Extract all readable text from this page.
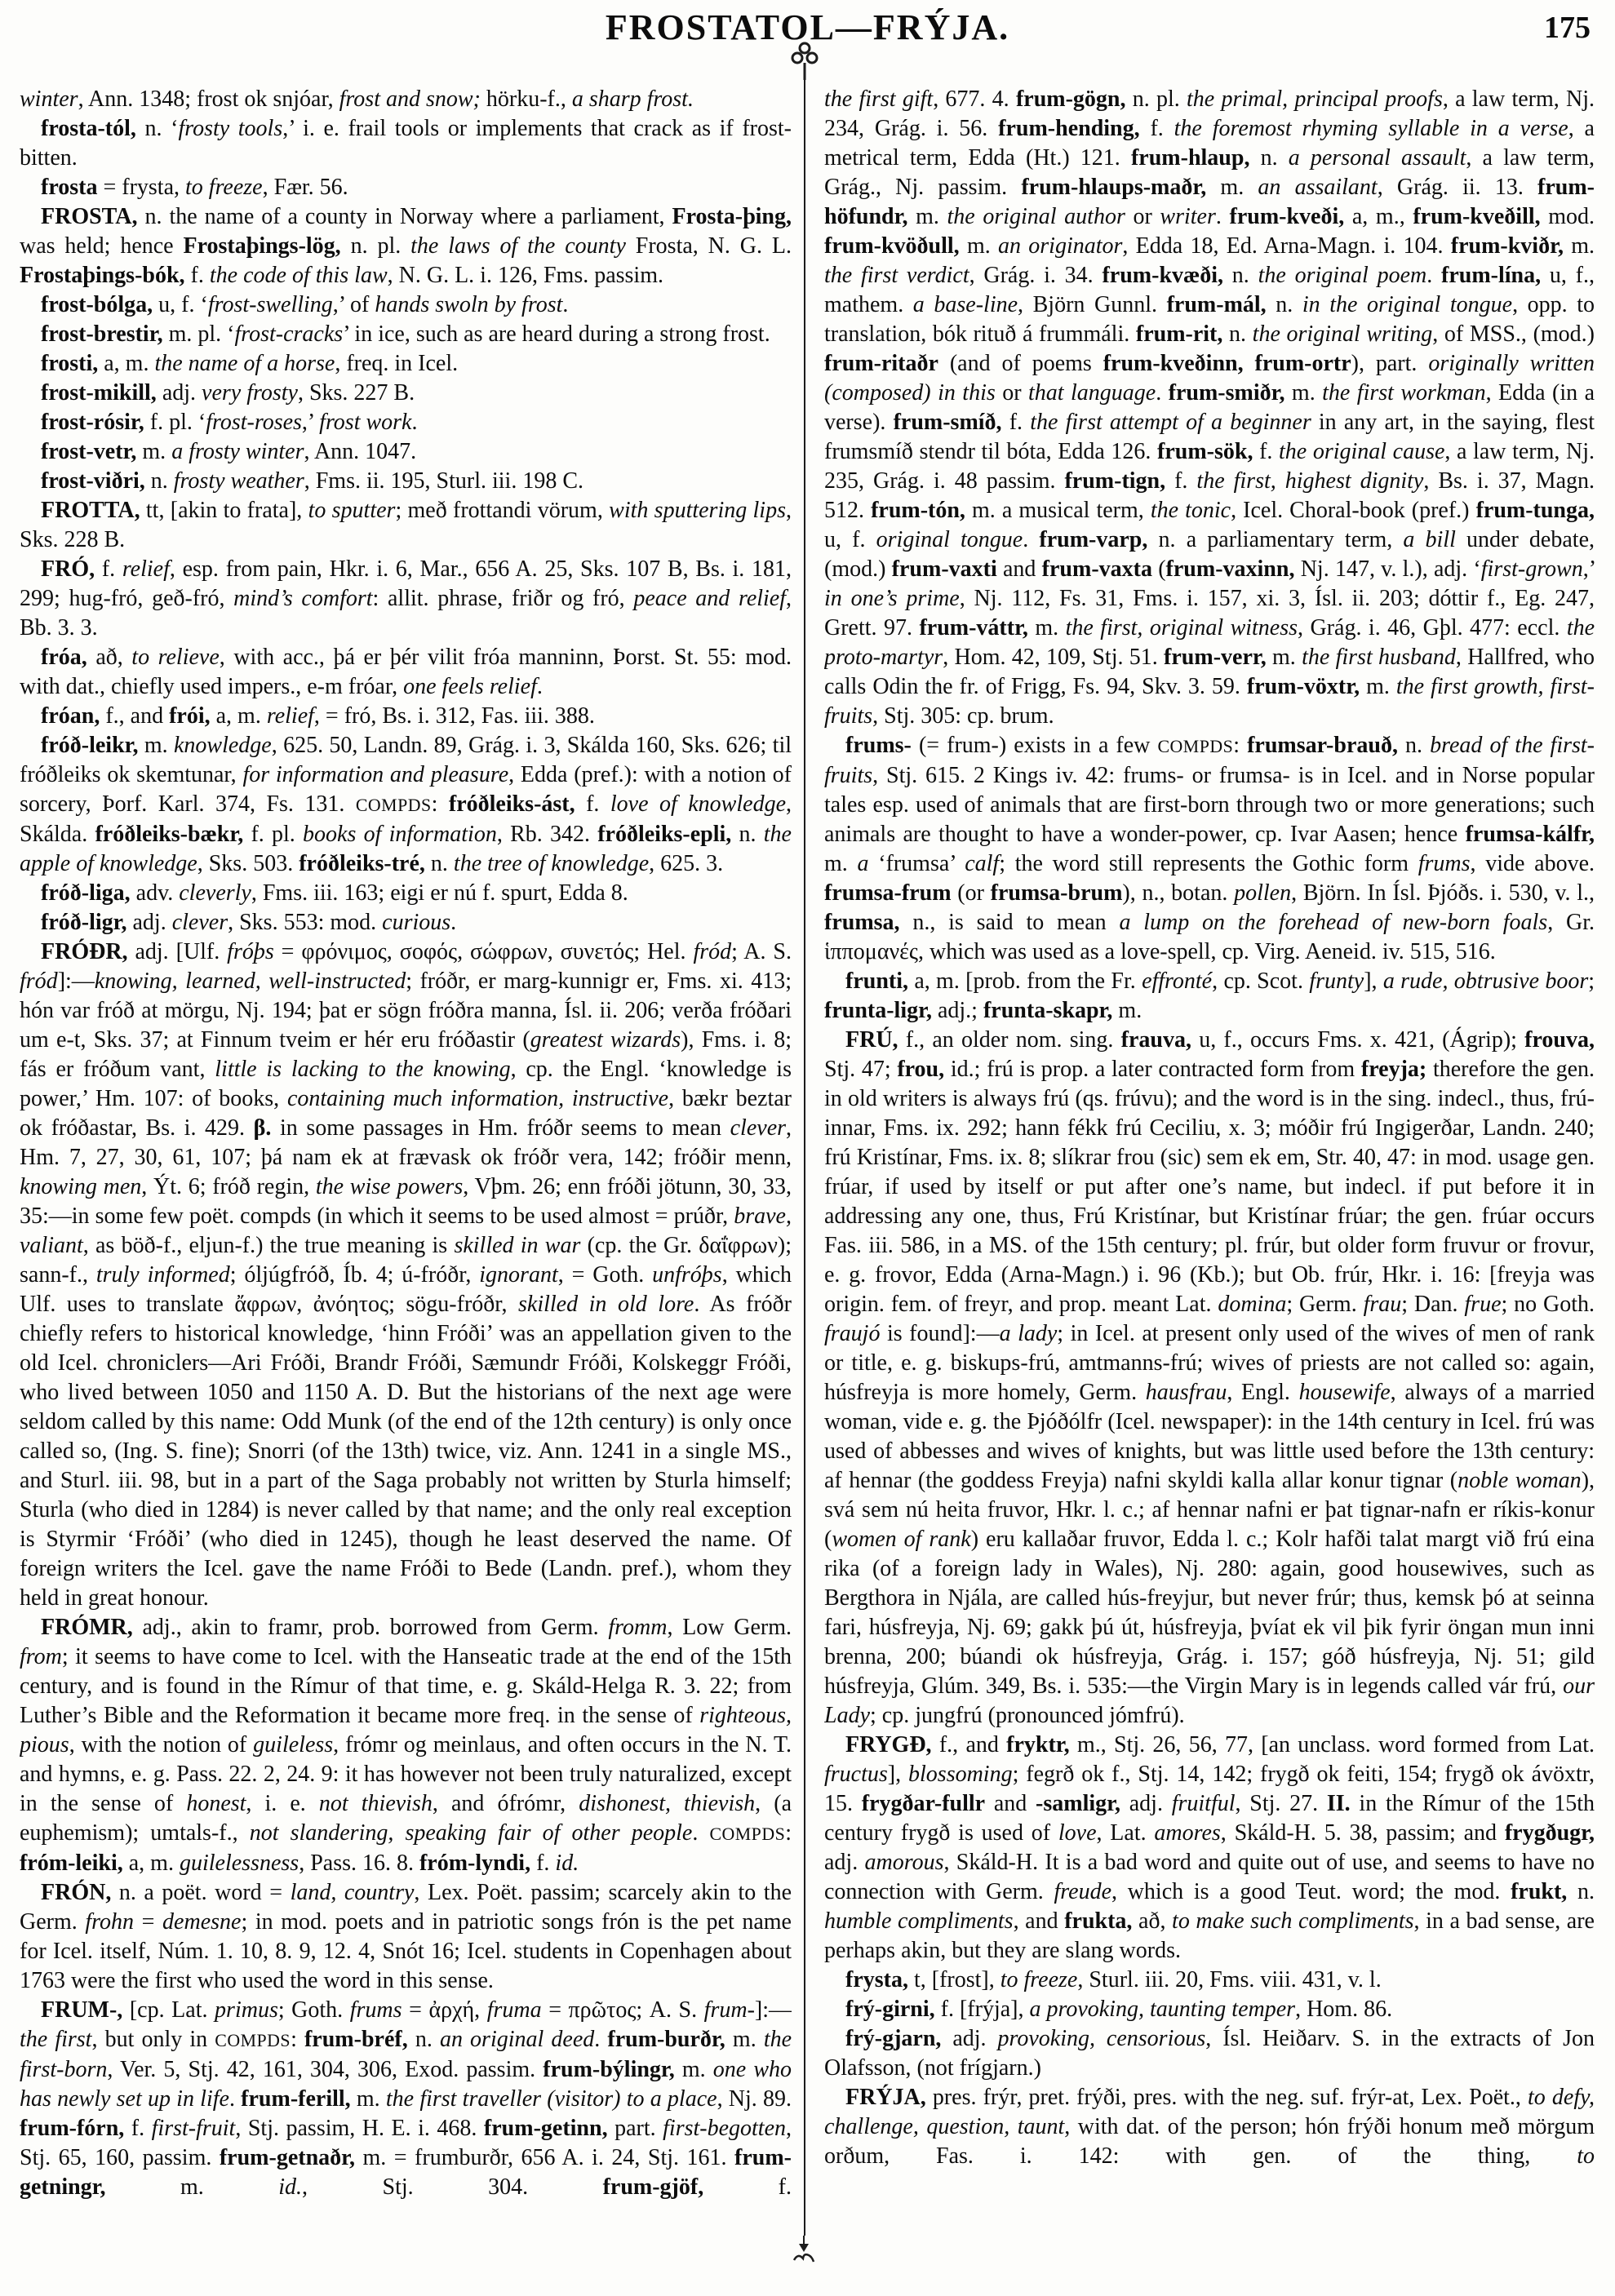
FROSTATOL—FRÝJA.	175

winter, Ann. 1348; frost ok snjóar, frost and snow; hörku-f., a sharp frost.

frosta-tól, n. ‘frosty tools,’ i. e. frail tools or implements that crack as if frost-bitten.

frosta = frysta, to freeze, Fær. 56.

FROSTA, n. the name of a county in Norway where a parliament, Frosta-þing, was held; hence Frostaþings-lög, n. pl. the laws of the county Frosta, N. G. L. Frostaþings-bók, f. the code of this law, N. G. L. i. 126, Fms. passim.

frost-bólga, u, f. ‘frost-swelling,’ of hands swoln by frost.

frost-brestir, m. pl. ‘frost-cracks’ in ice, such as are heard during a strong frost.

frosti, a, m. the name of a horse, freq. in Icel.

frost-mikill, adj. very frosty, Sks. 227 B.

frost-rósir, f. pl. ‘frost-roses,’ frost work.

frost-vetr, m. a frosty winter, Ann. 1047.

frost-viðri, n. frosty weather, Fms. ii. 195, Sturl. iii. 198 C.

FROTTA, tt, [akin to frata], to sputter; með frottandi vörum, with sputtering lips, Sks. 228 B.

FRÓ, f. relief, esp. from pain, Hkr. i. 6, Mar., 656 A. 25, Sks. 107 B, Bs. i. 181, 299; hug-fró, geð-fró, mind’s comfort: allit. phrase, friðr og fró, peace and relief, Bb. 3. 3.

fróa, að, to relieve, with acc., þá er þér vilit fróa manninn, Þorst. St. 55: mod. with dat., chiefly used impers., e-m fróar, one feels relief.

fróan, f., and frói, a, m. relief, = fró, Bs. i. 312, Fas. iii. 388.

fróð-leikr, m. knowledge, 625. 50, Landn. 89, Grág. i. 3, Skálda 160, Sks. 626; til fróðleiks ok skemtunar, for information and pleasure, Edda (pref.): with a notion of sorcery, Þorf. Karl. 374, Fs. 131. COMPDS: fróðleiks-ást, f. love of knowledge, Skálda. fróðleiks-bækr, f. pl. books of information, Rb. 342. fróðleiks-epli, n. the apple of knowledge, Sks. 503. fróðleiks-tré, n. the tree of knowledge, 625. 3.

fróð-liga, adv. cleverly, Fms. iii. 163; eigi er nú f. spurt, Edda 8.

fróð-ligr, adj. clever, Sks. 553: mod. curious.

FRÓÐR, adj. [Ulf. fróþs = φρόνιμος, σοφός, σώφρων, συνετός; Hel. fród; A. S. fród]:—knowing, learned, well-instructed; fróðr, er marg-kunnigr er, Fms. xi. 413; hón var fróð at mörgu, Nj. 194; þat er sögn fróðra manna, Ísl. ii. 206; verða fróðari um e-t, Sks. 37; at Finnum tveim er hér eru fróðastir (greatest wizards), Fms. i. 8; fás er fróðum vant, little is lacking to the knowing, cp. the Engl. ‘knowledge is power,’ Hm. 107: of books, containing much information, instructive, bækr beztar ok fróðastar, Bs. i. 429. β. in some passages in Hm. fróðr seems to mean clever, Hm. 7, 27, 30, 61, 107; þá nam ek at frævask ok fróðr vera, 142; fróðir menn, knowing men, Ýt. 6; fróð regin, the wise powers, Vþm. 26; enn fróði jötunn, 30, 33, 35:—in some few poët. compds (in which it seems to be used almost = prúðr, brave, valiant, as böð-f., eljun-f.) the true meaning is skilled in war (cp. the Gr. δαΐφρων); sann-f., truly informed; óljúgfróð, Íb. 4; ú-fróðr, ignorant, = Goth. unfróþs, which Ulf. uses to translate ἄφρων, ἀνόητος; sögu-fróðr, skilled in old lore. As fróðr chiefly refers to historical knowledge, ‘hinn Fróði’ was an appellation given to the old Icel. chroniclers—Ari Fróði, Brandr Fróði, Sæmundr Fróði, Kolskeggr Fróði, who lived between 1050 and 1150 A. D. But the historians of the next age were seldom called by this name: Odd Munk (of the end of the 12th century) is only once called so, (Ing. S. fine); Snorri (of the 13th) twice, viz. Ann. 1241 in a single MS., and Sturl. iii. 98, but in a part of the Saga probably not written by Sturla himself; Sturla (who died in 1284) is never called by that name; and the only real exception is Styrmir ‘Fróði’ (who died in 1245), though he least deserved the name. Of foreign writers the Icel. gave the name Fróði to Bede (Landn. pref.), whom they held in great honour.

FRÓMR, adj., akin to framr, prob. borrowed from Germ. fromm, Low Germ. from; it seems to have come to Icel. with the Hanseatic trade at the end of the 15th century, and is found in the Rímur of that time, e. g. Skáld-Helga R. 3. 22; from Luther’s Bible and the Reformation it became more freq. in the sense of righteous, pious, with the notion of guileless, frómr og meinlaus, and often occurs in the N. T. and hymns, e. g. Pass. 22. 2, 24. 9: it has however not been truly naturalized, except in the sense of honest, i. e. not thievish, and ófrómr, dishonest, thievish, (a euphemism); umtals-f., not slandering, speaking fair of other people. COMPDS: fróm-leiki, a, m. guilelessness, Pass. 16. 8. fróm-lyndi, f. id.

FRÓN, n. a poët. word = land, country, Lex. Poët. passim; scarcely akin to the Germ. frohn = demesne; in mod. poets and in patriotic songs frón is the pet name for Icel. itself, Núm. 1. 10, 8. 9, 12. 4, Snót 16; Icel. students in Copenhagen about 1763 were the first who used the word in this sense.

FRUM-, [cp. Lat. primus; Goth. frums = ἀρχή, fruma = πρῶτος; A. S. frum-]:—the first, but only in COMPDS: frum-bréf, n. an original deed. frum-burðr, m. the first-born, Ver. 5, Stj. 42, 161, 304, 306, Exod. passim. frum-býlingr, m. one who has newly set up in life. frum-ferill, m. the first traveller (visitor) to a place, Nj. 89. frum-fórn, f. first-fruit, Stj. passim, H. E. i. 468. frum-getinn, part. first-begotten, Stj. 65, 160, passim. frum-getnaðr, m. = frumburðr, 656 A. i. 24, Stj. 161. frum-getningr, m. id., Stj. 304. frum-gjöf, f.

the first gift, 677. 4. frum-gögn, n. pl. the primal, principal proofs, a law term, Nj. 234, Grág. i. 56. frum-hending, f. the foremost rhyming syllable in a verse, a metrical term, Edda (Ht.) 121. frum-hlaup, n. a personal assault, a law term, Grág., Nj. passim. frum-hlaups-maðr, m. an assailant, Grág. ii. 13. frum-höfundr, m. the original author or writer. frum-kveði, a, m., frum-kveðill, mod. frum-kvöðull, m. an originator, Edda 18, Ed. Arna-Magn. i. 104. frum-kviðr, m. the first verdict, Grág. i. 34. frum-kvæði, n. the original poem. frum-lína, u, f., mathem. a base-line, Björn Gunnl. frum-mál, n. in the original tongue, opp. to translation, bók rituð á frummáli. frum-rit, n. the original writing, of MSS., (mod.) frum-ritaðr (and of poems frum-kveðinn, frum-ortr), part. originally written (composed) in this or that language. frum-smiðr, m. the first workman, Edda (in a verse). frum-smíð, f. the first attempt of a beginner in any art, in the saying, flest frumsmíð stendr til bóta, Edda 126. frum-sök, f. the original cause, a law term, Nj. 235, Grág. i. 48 passim. frum-tign, f. the first, highest dignity, Bs. i. 37, Magn. 512. frum-tón, m. a musical term, the tonic, Icel. Choral-book (pref.) frum-tunga, u, f. original tongue. frum-varp, n. a parliamentary term, a bill under debate, (mod.) frum-vaxti and frum-vaxta (frum-vaxinn, Nj. 147, v. l.), adj. ‘first-grown,’ in one’s prime, Nj. 112, Fs. 31, Fms. i. 157, xi. 3, Ísl. ii. 203; dóttir f., Eg. 247, Grett. 97. frum-váttr, m. the first, original witness, Grág. i. 46, Gþl. 477: eccl. the proto-martyr, Hom. 42, 109, Stj. 51. frum-verr, m. the first husband, Hallfred, who calls Odin the fr. of Frigg, Fs. 94, Skv. 3. 59. frum-vöxtr, m. the first growth, first-fruits, Stj. 305: cp. brum.

frums- (= frum-) exists in a few COMPDS: frumsar-brauð, n. bread of the first-fruits, Stj. 615. 2 Kings iv. 42: frums- or frumsa- is in Icel. and in Norse popular tales esp. used of animals that are first-born through two or more generations; such animals are thought to have a wonder-power, cp. Ivar Aasen; hence frumsa-kálfr, m. a ‘frumsa’ calf; the word still represents the Gothic form frums, vide above. frumsa-frum (or frumsa-brum), n., botan. pollen, Björn. In Ísl. Þjóðs. i. 530, v. l., frumsa, n., is said to mean a lump on the forehead of new-born foals, Gr. ἱππομανές, which was used as a love-spell, cp. Virg. Aeneid. iv. 515, 516.

frunti, a, m. [prob. from the Fr. effronté, cp. Scot. frunty], a rude, obtrusive boor; frunta-ligr, adj.; frunta-skapr, m.

FRÚ, f., an older nom. sing. frauva, u, f., occurs Fms. x. 421, (Ágrip); frouva, Stj. 47; frou, id.; frú is prop. a later contracted form from freyja; therefore the gen. in old writers is always frú (qs. frúvu); and the word is in the sing. indecl., thus, frú-innar, Fms. ix. 292; hann fékk frú Ceciliu, x. 3; móðir frú Ingigerðar, Landn. 240; frú Kristínar, Fms. ix. 8; slíkrar frou (sic) sem ek em, Str. 40, 47: in mod. usage gen. frúar, if used by itself or put after one’s name, but indecl. if put before it in addressing any one, thus, Frú Kristínar, but Kristínar frúar; the gen. frúar occurs Fas. iii. 586, in a MS. of the 15th century; pl. frúr, but older form fruvur or frovur, e. g. frovor, Edda (Arna-Magn.) i. 96 (Kb.); but Ob. frúr, Hkr. i. 16: [freyja was origin. fem. of freyr, and prop. meant Lat. domina; Germ. frau; Dan. frue; no Goth. fraujó is found]:—a lady; in Icel. at present only used of the wives of men of rank or title, e. g. biskups-frú, amtmanns-frú; wives of priests are not called so: again, húsfreyja is more homely, Germ. hausfrau, Engl. housewife, always of a married woman, vide e. g. the Þjóðólfr (Icel. newspaper): in the 14th century in Icel. frú was used of abbesses and wives of knights, but was little used before the 13th century: af hennar (the goddess Freyja) nafni skyldi kalla allar konur tignar (noble woman), svá sem nú heita fruvor, Hkr. l. c.; af hennar nafni er þat tignar-nafn er ríkis-konur (women of rank) eru kallaðar fruvor, Edda l. c.; Kolr hafði talat margt við frú eina rika (of a foreign lady in Wales), Nj. 280: again, good housewives, such as Bergthora in Njála, are called hús-freyjur, but never frúr; thus, kemsk þó at seinna fari, húsfreyja, Nj. 69; gakk þú út, húsfreyja, þvíat ek vil þik fyrir öngan mun inni brenna, 200; búandi ok húsfreyja, Grág. i. 157; góð húsfreyja, Nj. 51; gild húsfreyja, Glúm. 349, Bs. i. 535:—the Virgin Mary is in legends called vár frú, our Lady; cp. jungfrú (pronounced jómfrú).

FRYGÐ, f., and fryktr, m., Stj. 26, 56, 77, [an unclass. word formed from Lat. fructus], blossoming; fegrð ok f., Stj. 14, 142; frygð ok feiti, 154; frygð ok ávöxtr, 15. frygðar-fullr and -samligr, adj. fruitful, Stj. 27. II. in the Rímur of the 15th century frygð is used of love, Lat. amores, Skáld-H. 5. 38, passim; and frygðugr, adj. amorous, Skáld-H. It is a bad word and quite out of use, and seems to have no connection with Germ. freude, which is a good Teut. word; the mod. frukt, n. humble compliments, and frukta, að, to make such compliments, in a bad sense, are perhaps akin, but they are slang words.

frysta, t, [frost], to freeze, Sturl. iii. 20, Fms. viii. 431, v. l.

frý-girni, f. [frýja], a provoking, taunting temper, Hom. 86.

frý-gjarn, adj. provoking, censorious, Ísl. Heiðarv. S. in the extracts of Jon Olafsson, (not frígjarn.)

FRÝJA, pres. frýr, pret. frýði, pres. with the neg. suf. frýr-at, Lex. Poët., to defy, challenge, question, taunt, with dat. of the person; hón frýði honum með mörgum orðum, Fas. i. 142: with gen. of the thing, to
